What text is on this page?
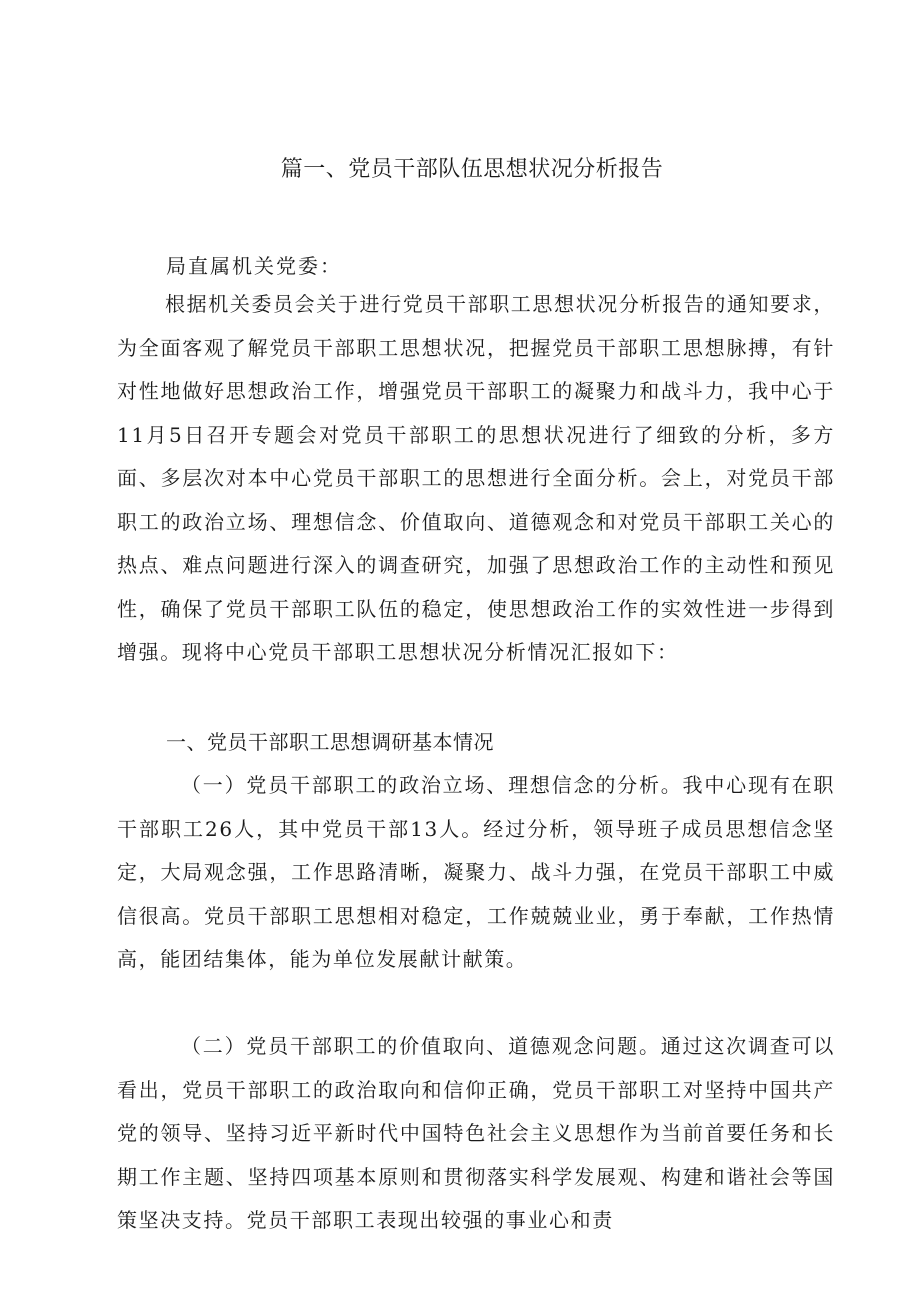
篇一、党员干部队伍思想状况分析报告

局直属机关党委：

根据机关委员会关于进行党员干部职工思想状况分析报告的通知要求，为全面客观了解党员干部职工思想状况，把握党员干部职工思想脉搏，有针对性地做好思想政治工作，增强党员干部职工的凝聚力和战斗力，我中心于11月5日召开专题会对党员干部职工的思想状况进行了细致的分析，多方面、多层次对本中心党员干部职工的思想进行全面分析。会上，对党员干部职工的政治立场、理想信念、价值取向、道德观念和对党员干部职工关心的热点、难点问题进行深入的调查研究，加强了思想政治工作的主动性和预见性，确保了党员干部职工队伍的稳定，使思想政治工作的实效性进一步得到增强。现将中心党员干部职工思想状况分析情况汇报如下：

一、党员干部职工思想调研基本情况

（一）党员干部职工的政治立场、理想信念的分析。我中心现有在职干部职工26人，其中党员干部13人。经过分析，领导班子成员思想信念坚定，大局观念强，工作思路清晰，凝聚力、战斗力强，在党员干部职工中威信很高。党员干部职工思想相对稳定，工作兢兢业业，勇于奉献，工作热情高，能团结集体，能为单位发展献计献策。

（二）党员干部职工的价值取向、道德观念问题。通过这次调查可以看出，党员干部职工的政治取向和信仰正确，党员干部职工对坚持中国共产党的领导、坚持习近平新时代中国特色社会主义思想作为当前首要任务和长期工作主题、坚持四项基本原则和贯彻落实科学发展观、构建和谐社会等国策坚决支持。党员干部职工表现出较强的事业心和责
